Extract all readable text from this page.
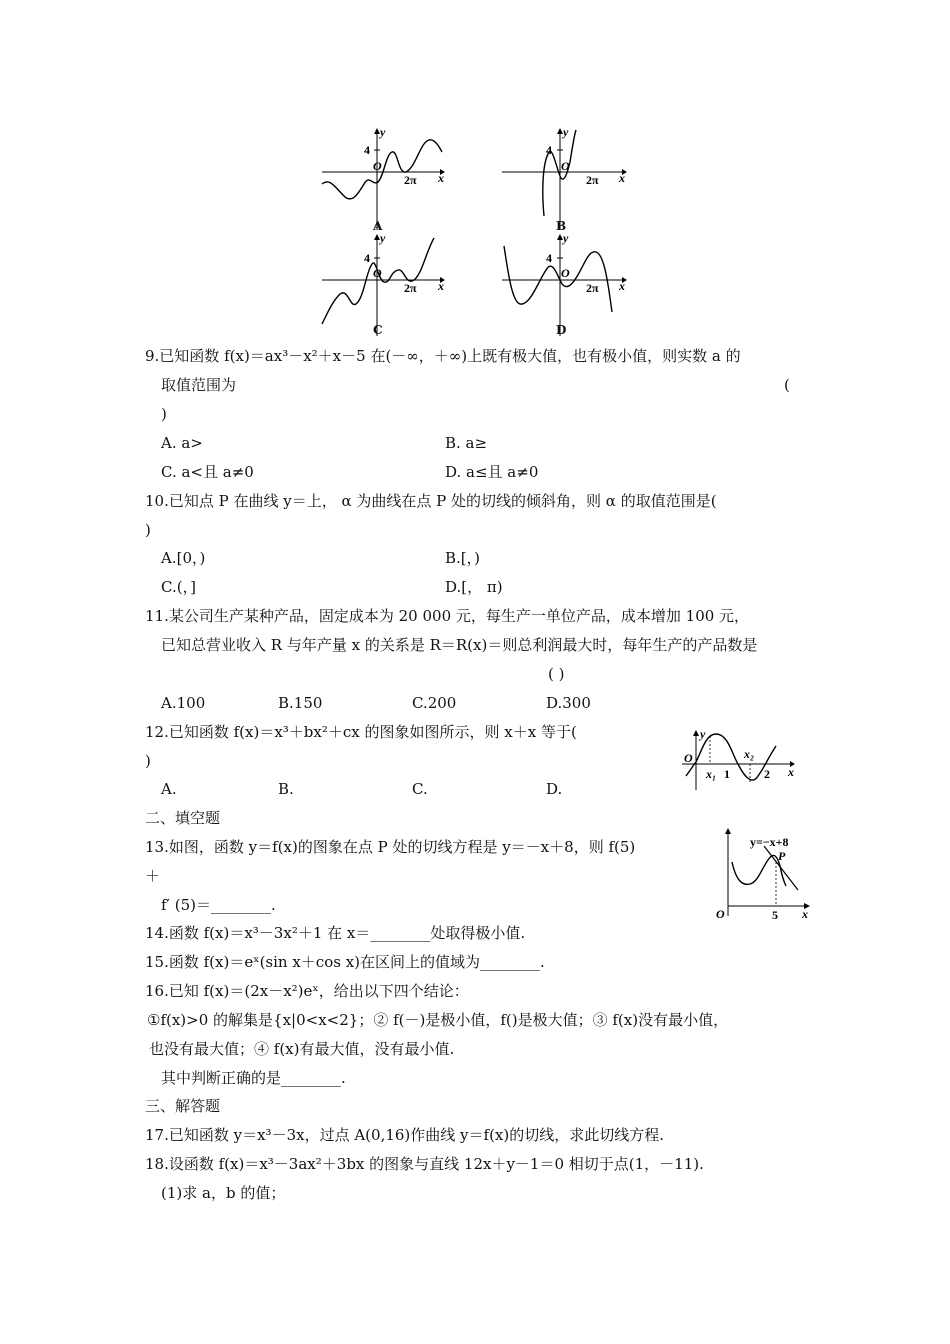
y
4
O
2π x
A
y
4
O
2π x
B
y
4
O
2π x
C
y
4
O
2π x
D
9.已知函数 f(x)＝ax³－x²＋x－5 在(－∞，＋∞)上既有极大值，也有极小值，则实数 a 的
取值范围为	(
)
A. a>	B. a≥
C. a<且 a≠0	D. a≤且 a≠0
10.已知点 P 在曲线 y＝上， α 为曲线在点 P 处的切线的倾斜角，则 α 的取值范围是(
)
A.[0，)	B.[，)
C.(，]	D.[， π)
11.某公司生产某种产品，固定成本为 20 000 元，每生产一单位产品，成本增加 100 元，
已知总营业收入 R 与年产量 x 的关系是 R＝R(x)＝则总利润最大时，每年生产的产品数是
( )
A.100	B.150	C.200	D.300
12.已知函数 f(x)＝x³＋bx²＋cx 的图象如图所示，则 x＋x 等于(
)
A.	B.	C.	D.
y
O
x₁ 1
x₂
2 x
二、填空题
13.如图，函数 y＝f(x)的图象在点 P 处的切线方程是 y＝－x＋8，则 f(5)
＋
f′ (5)＝________.
y=−x+8
P
O	5 x
14.函数 f(x)＝x³－3x²＋1 在 x＝________处取得极小值.
15.函数 f(x)＝eˣ(sin x＋cos x)在区间上的值域为________.
16.已知 f(x)＝(2x－x²)eˣ，给出以下四个结论：
①f(x)>0 的解集是{x|0<x<2}；② f(－)是极小值，f()是极大值；③ f(x)没有最小值，
也没有最大值；④ f(x)有最大值，没有最小值.
其中判断正确的是________.
三、解答题
17.已知函数 y＝x³－3x，过点 A(0,16)作曲线 y＝f(x)的切线，求此切线方程.
18.设函数 f(x)＝x³－3ax²＋3bx 的图象与直线 12x＋y－1＝0 相切于点(1，－11).
(1)求 a，b 的值；
